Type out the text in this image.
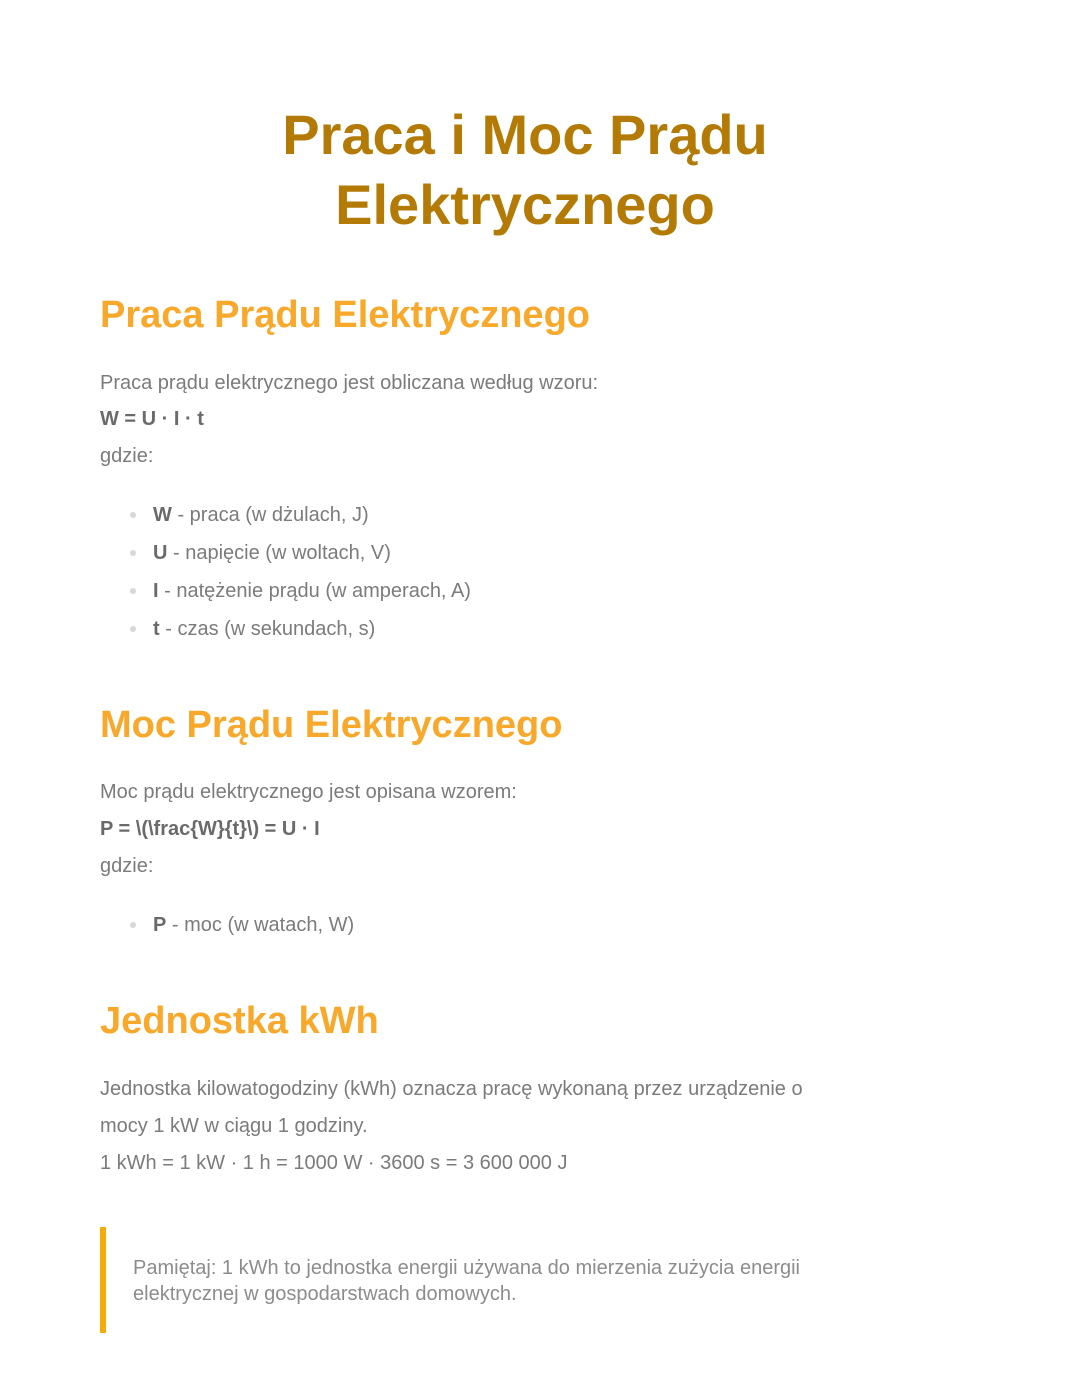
Praca i Moc Prądu
Elektrycznego
Praca Prądu Elektrycznego

Praca prądu elektrycznego jest obliczana według wzoru:

W = U · I · t

gdzie:

W - praca (w dżulach, J)
U - napięcie (w woltach, V)
I - natężenie prądu (w amperach, A)
t - czas (w sekundach, s)
Moc Prądu Elektrycznego

Moc prądu elektrycznego jest opisana wzorem:

P = \(\frac{W}{t}\) = U · I

gdzie:

P - moc (w watach, W)
Jednostka kWh

Jednostka kilowatogodziny (kWh) oznacza pracę wykonaną przez urządzenie o

mocy 1 kW w ciągu 1 godziny.

1 kWh = 1 kW · 1 h = 1000 W · 3600 s = 3 600 000 J

Pamiętaj: 1 kWh to jednostka energii używana do mierzenia zużycia energii
elektrycznej w gospodarstwach domowych.
